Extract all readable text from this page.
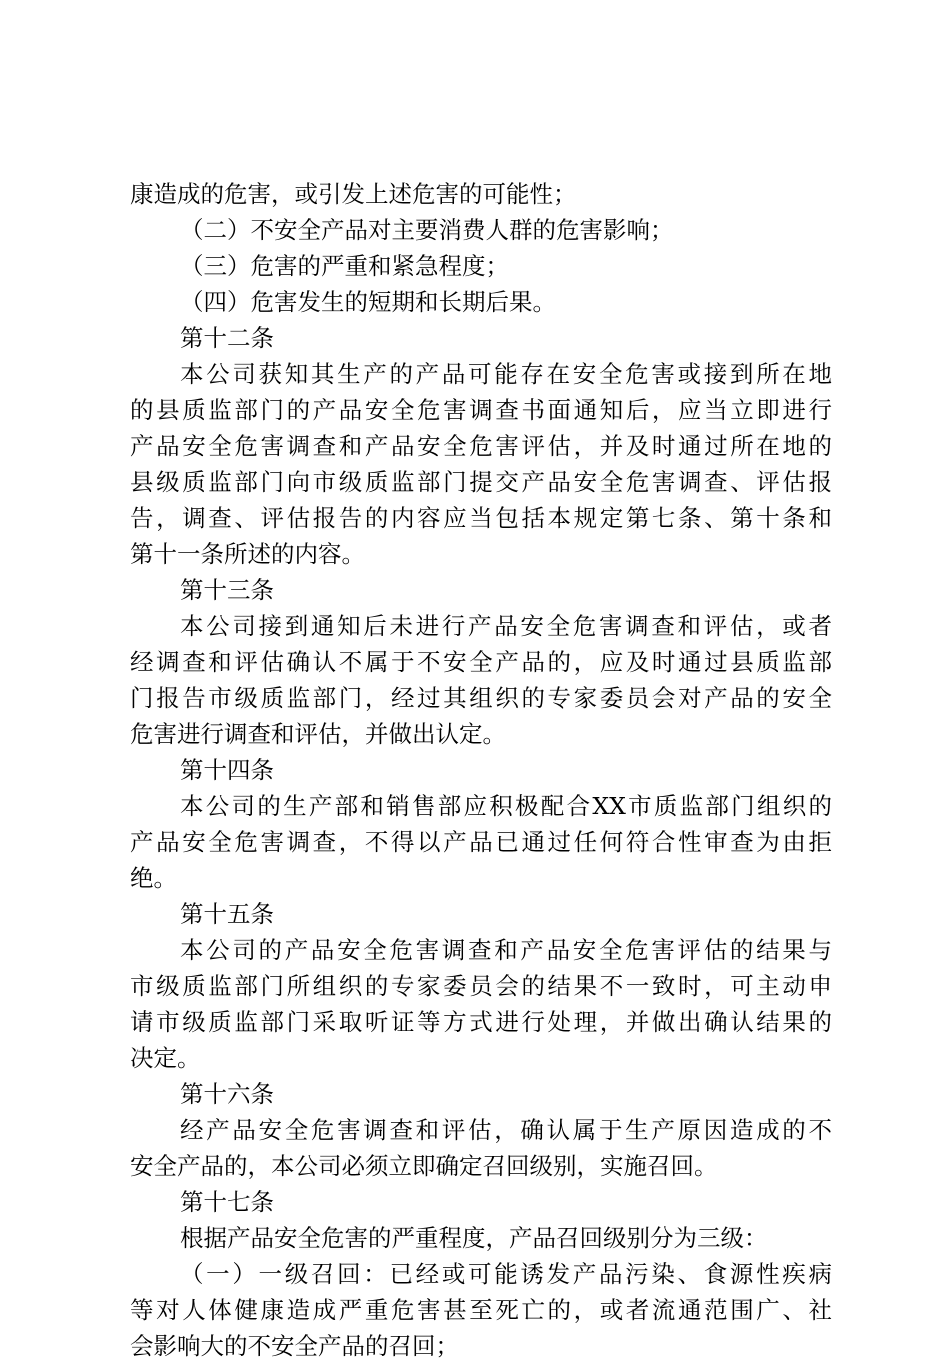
康造成的危害，或引发上述危害的可能性；
（二）不安全产品对主要消费人群的危害影响；
（三）危害的严重和紧急程度；
（四）危害发生的短期和长期后果。
第十二条
本公司获知其生产的产品可能存在安全危害或接到所在地
的县质监部门的产品安全危害调查书面通知后，应当立即进行
产品安全危害调查和产品安全危害评估，并及时通过所在地的
县级质监部门向市级质监部门提交产品安全危害调查、评估报
告，调查、评估报告的内容应当包括本规定第七条、第十条和
第十一条所述的内容。
第十三条
本公司接到通知后未进行产品安全危害调查和评估，或者
经调查和评估确认不属于不安全产品的，应及时通过县质监部
门报告市级质监部门，经过其组织的专家委员会对产品的安全
危害进行调查和评估，并做出认定。
第十四条
本公司的生产部和销售部应积极配合XX市质监部门组织的
产品安全危害调查，不得以产品已通过任何符合性审查为由拒
绝。
第十五条
本公司的产品安全危害调查和产品安全危害评估的结果与
市级质监部门所组织的专家委员会的结果不一致时，可主动申
请市级质监部门采取听证等方式进行处理，并做出确认结果的
决定。
第十六条
经产品安全危害调查和评估，确认属于生产原因造成的不
安全产品的，本公司必须立即确定召回级别，实施召回。
第十七条
根据产品安全危害的严重程度，产品召回级别分为三级：
（一）一级召回：已经或可能诱发产品污染、食源性疾病
等对人体健康造成严重危害甚至死亡的，或者流通范围广、社
会影响大的不安全产品的召回；
